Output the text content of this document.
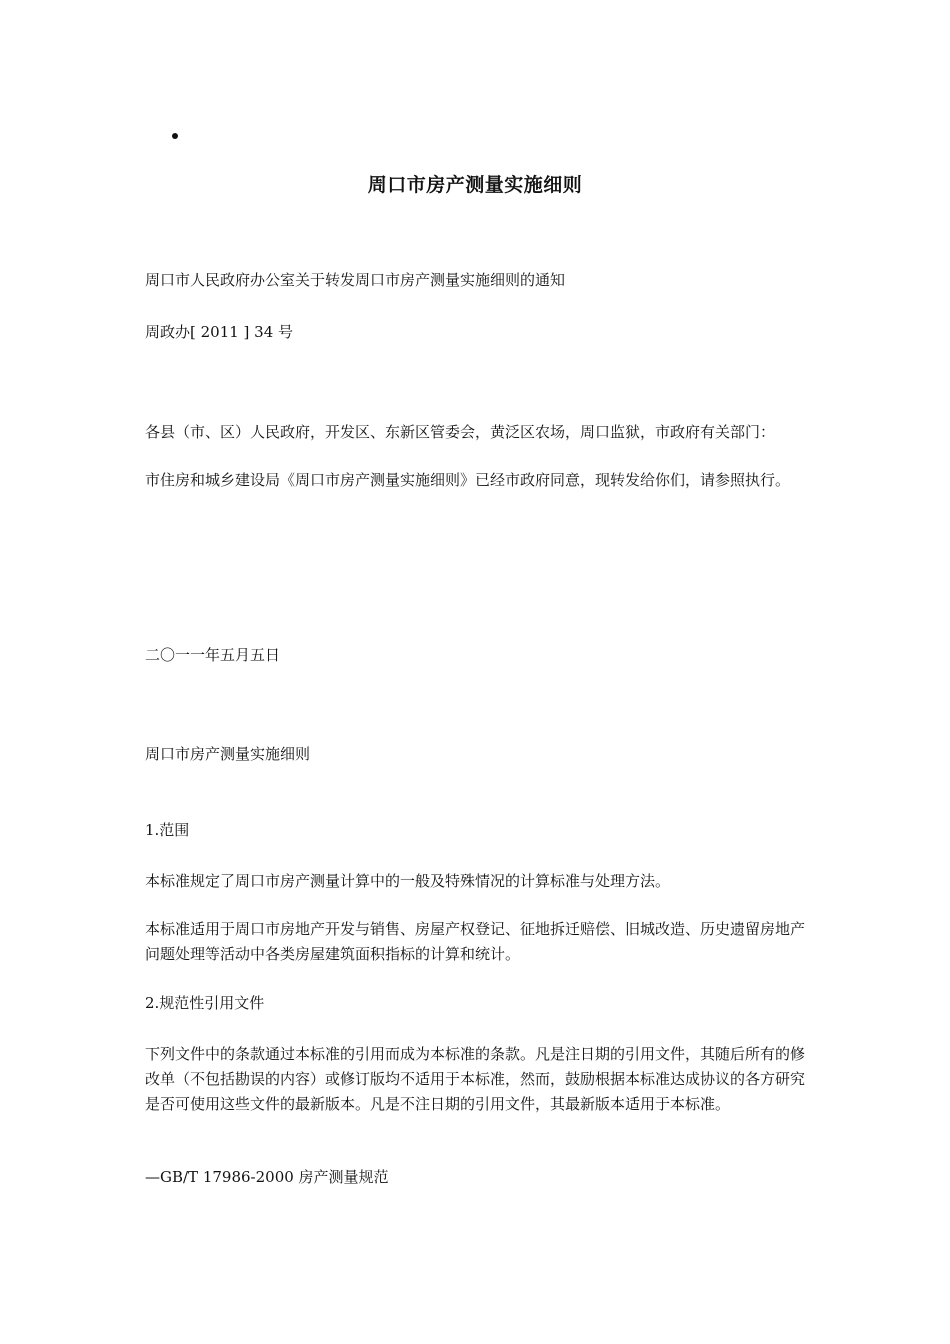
周口市房产测量实施细则
周口市人民政府办公室关于转发周口市房产测量实施细则的通知
周政办[ 2011 ] 34 号
各县（市、区）人民政府，开发区、东新区管委会，黄泛区农场，周口监狱，市政府有关部门：
市住房和城乡建设局《周口市房产测量实施细则》已经市政府同意，现转发给你们，请参照执行。
二〇一一年五月五日
周口市房产测量实施细则
1.范围
本标准规定了周口市房产测量计算中的一般及特殊情况的计算标准与处理方法。
本标准适用于周口市房地产开发与销售、房屋产权登记、征地拆迁赔偿、旧城改造、历史遗留房地产问题处理等活动中各类房屋建筑面积指标的计算和统计。
2.规范性引用文件
下列文件中的条款通过本标准的引用而成为本标准的条款。凡是注日期的引用文件，其随后所有的修改单（不包括勘误的内容）或修订版均不适用于本标准，然而，鼓励根据本标准达成协议的各方研究是否可使用这些文件的最新版本。凡是不注日期的引用文件，其最新版本适用于本标准。
—GB/T 17986-2000 房产测量规范
